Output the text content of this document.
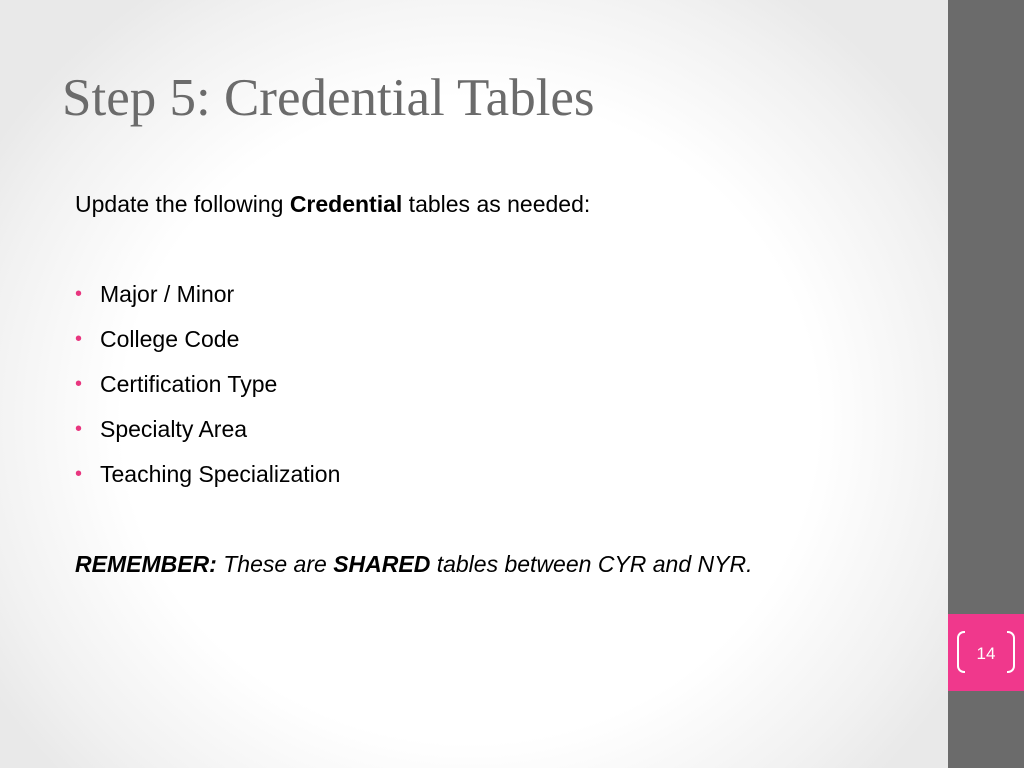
Step 5: Credential Tables

Update the following Credential tables as needed:

• Major / Minor
• College Code
• Certification Type
• Specialty Area
• Teaching Specialization

REMEMBER: These are SHARED tables between CYR and NYR.

14
